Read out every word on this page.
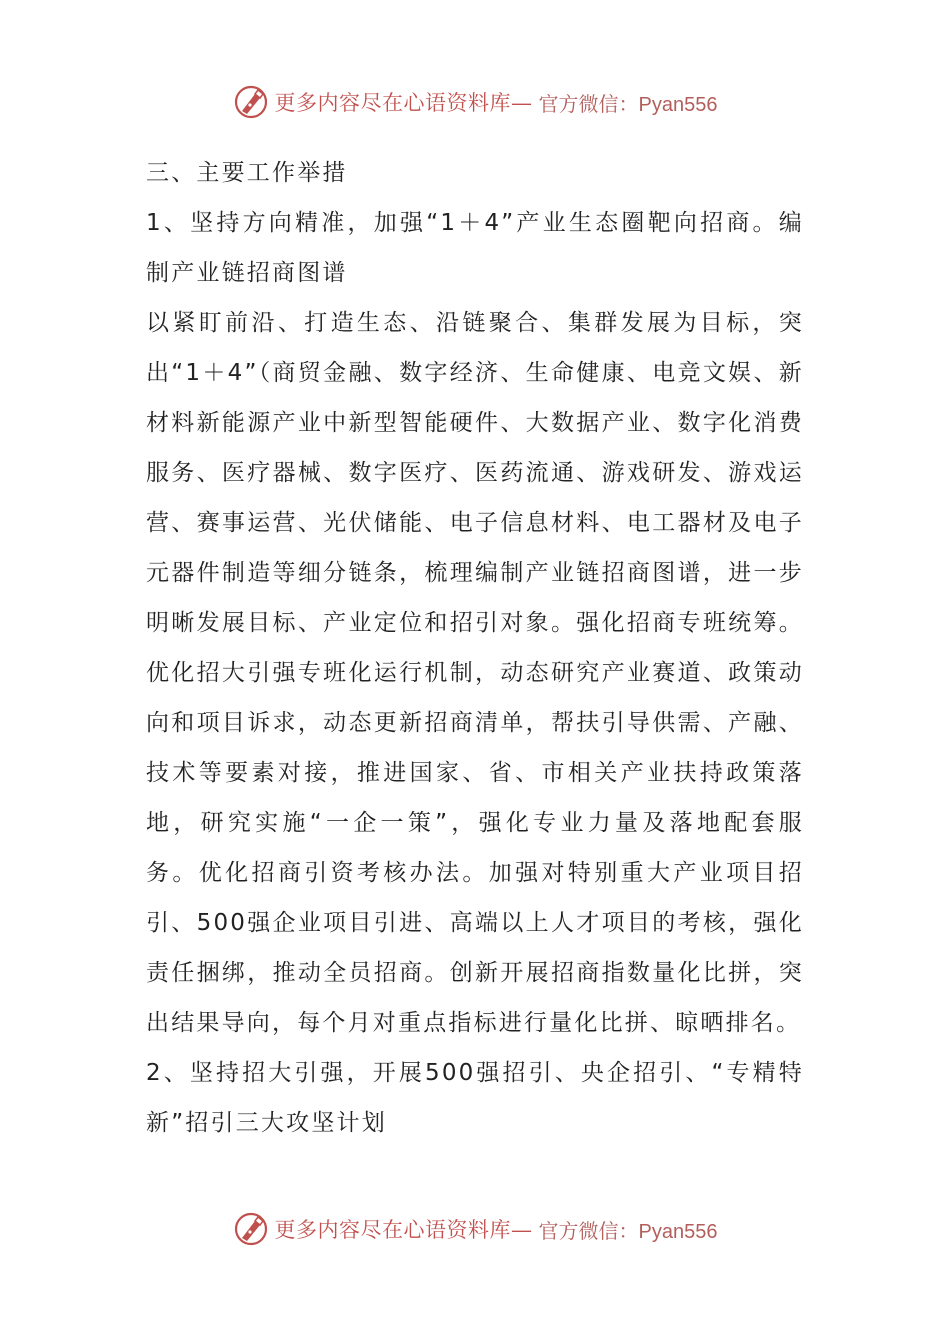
更多内容尽在心语资料库— 官方微信：Pyan556

三、主要工作举措

1、坚持方向精准，加强“1＋4”产业生态圈靶向招商。编制产业链招商图谱

以紧盯前沿、打造生态、沿链聚合、集群发展为目标，突出“1＋4”（商贸金融、数字经济、生命健康、电竞文娱、新材料新能源产业中新型智能硬件、大数据产业、数字化消费服务、医疗器械、数字医疗、医药流通、游戏研发、游戏运营、赛事运营、光伏储能、电子信息材料、电工器材及电子元器件制造等细分链条，梳理编制产业链招商图谱，进一步明晰发展目标、产业定位和招引对象。强化招商专班统筹。优化招大引强专班化运行机制，动态研究产业赛道、政策动向和项目诉求，动态更新招商清单，帮扶引导供需、产融、技术等要素对接，推进国家、省、市相关产业扶持政策落地，研究实施“一企一策”，强化专业力量及落地配套服务。优化招商引资考核办法。加强对特别重大产业项目招引、500强企业项目引进、高端以上人才项目的考核，强化责任捆绑，推动全员招商。创新开展招商指数量化比拼，突出结果导向，每个月对重点指标进行量化比拼、晾晒排名。

2、坚持招大引强，开展500强招引、央企招引、“专精特新”招引三大攻坚计划

更多内容尽在心语资料库— 官方微信：Pyan556
